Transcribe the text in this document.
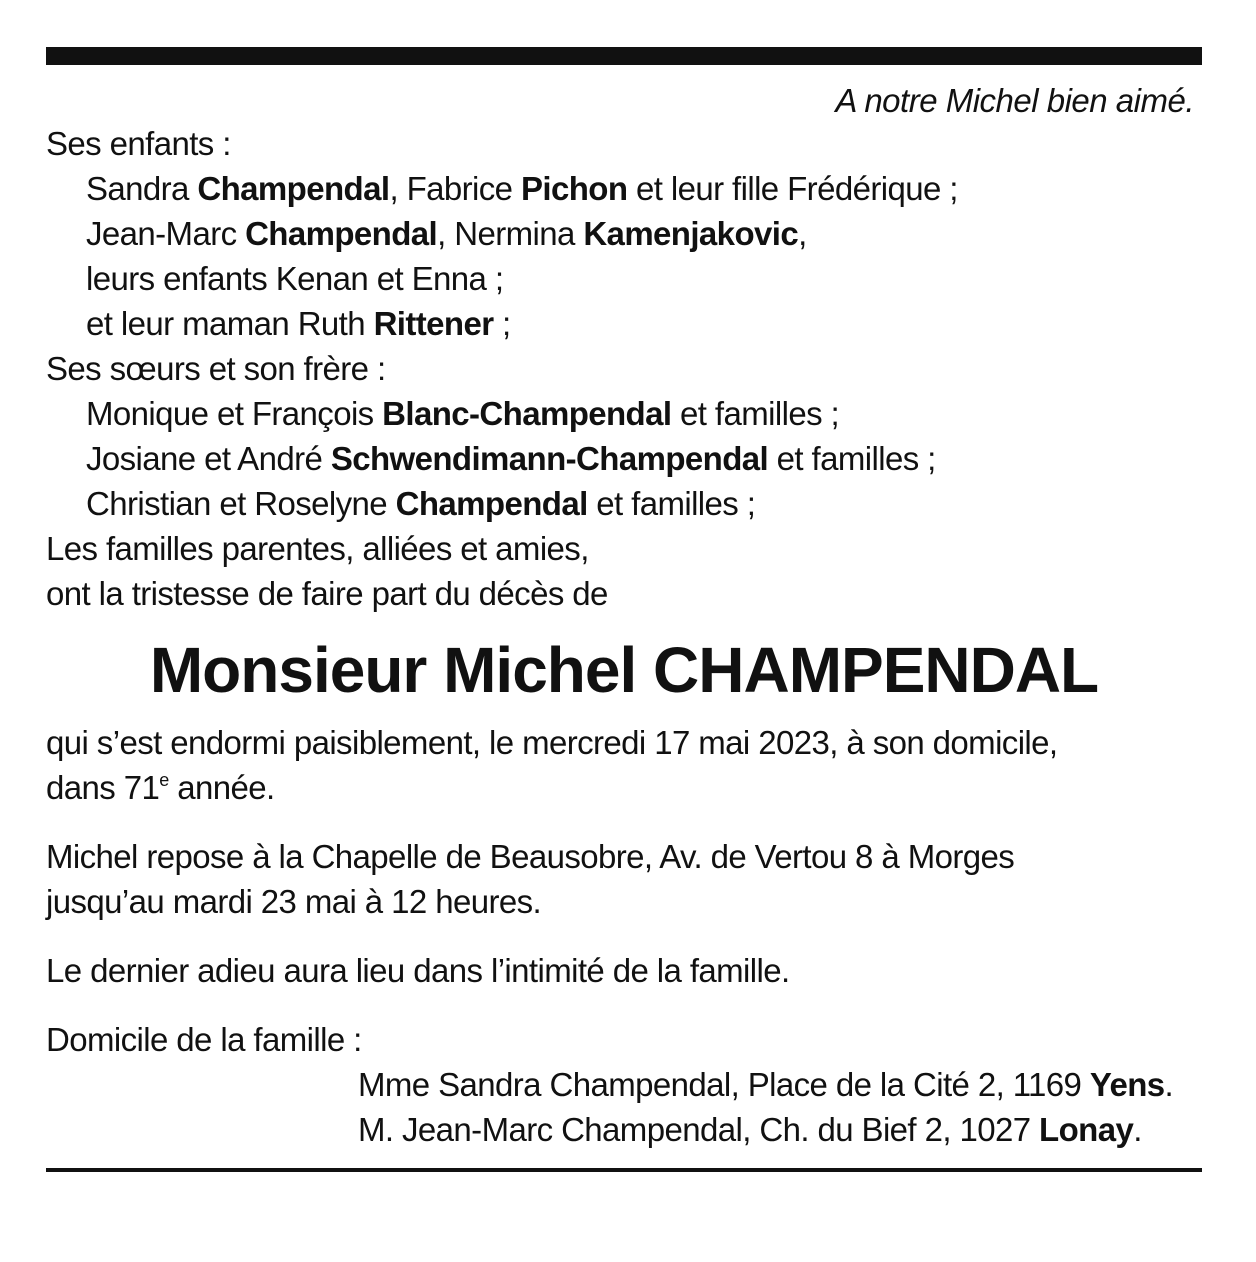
A notre Michel bien aimé.
Ses enfants :
Sandra Champendal, Fabrice Pichon et leur fille Frédérique ;
Jean-Marc Champendal, Nermina Kamenjakovic,
leurs enfants Kenan et Enna ;
et leur maman Ruth Rittener ;
Ses sœurs et son frère :
Monique et François Blanc-Champendal et familles ;
Josiane et André Schwendimann-Champendal et familles ;
Christian et Roselyne Champendal et familles ;
Les familles parentes, alliées et amies,
ont la tristesse de faire part du décès de
Monsieur Michel CHAMPENDAL
qui s’est endormi paisiblement, le mercredi 17 mai 2023, à son domicile,
dans 71e année.
Michel repose à la Chapelle de Beausobre, Av. de Vertou 8 à Morges
jusqu’au mardi 23 mai à 12 heures.
Le dernier adieu aura lieu dans l’intimité de la famille.
Domicile de la famille :
Mme Sandra Champendal, Place de la Cité 2, 1169 Yens.
M. Jean-Marc Champendal, Ch. du Bief 2, 1027 Lonay.
